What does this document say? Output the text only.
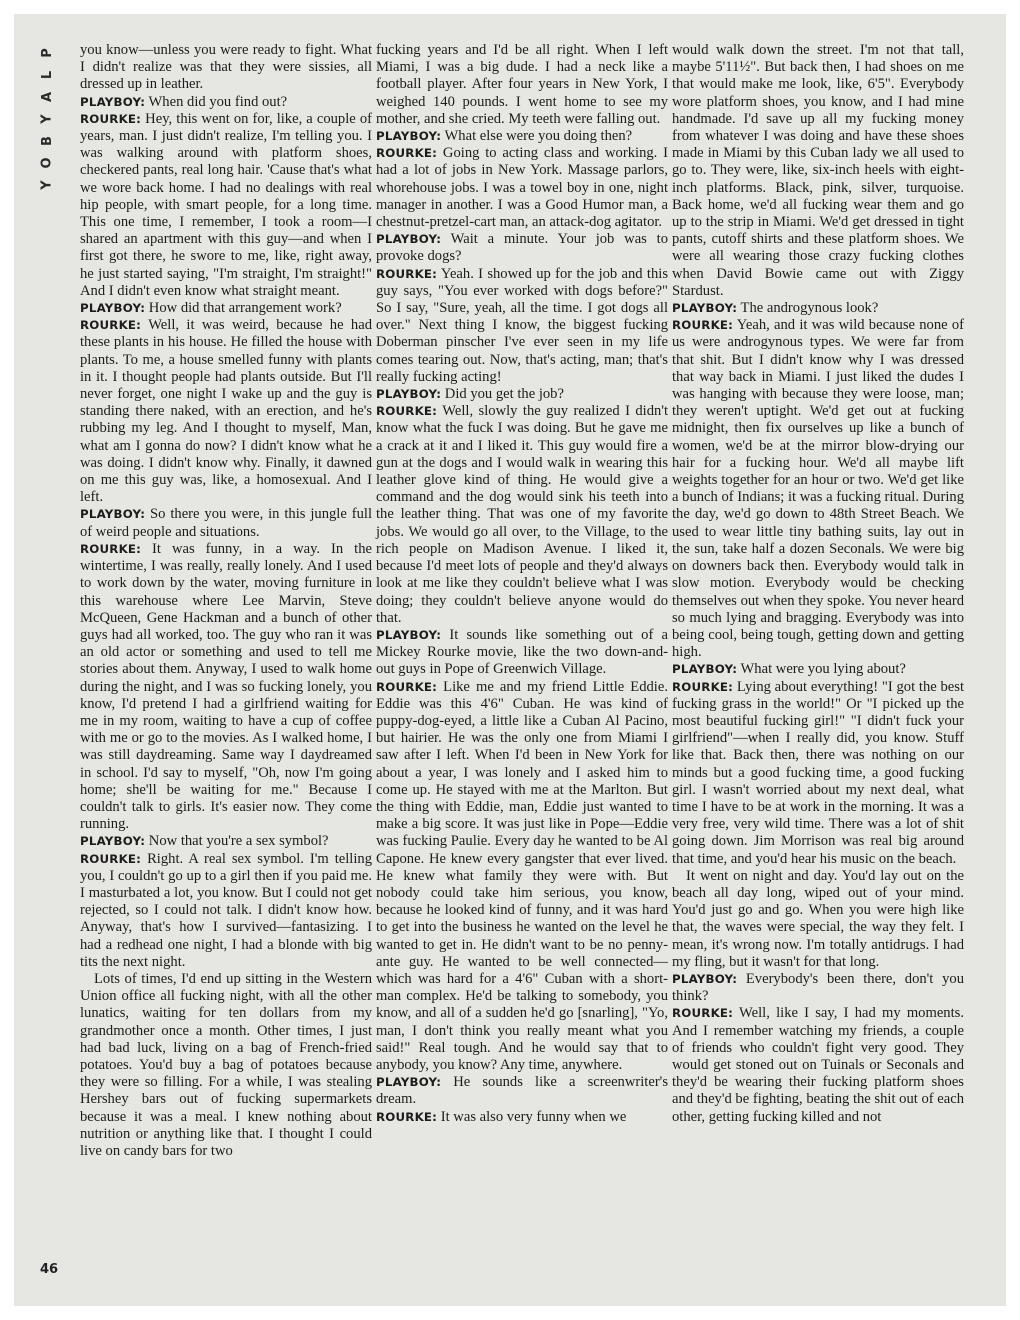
P
L
A
Y
B
O
Y

you know—unless you were ready to fight. What I didn't realize was that they were sissies, all dressed up in leather.

PLAYBOY: When did you find out?

ROURKE: Hey, this went on for, like, a couple of years, man. I just didn't realize, I'm telling you. I was walking around with platform shoes, checkered pants, real long hair. 'Cause that's what we wore back home. I had no dealings with real hip people, with smart people, for a long time. This one time, I remember, I took a room—I shared an apartment with this guy—and when I first got there, he swore to me, like, right away, he just started saying, "I'm straight, I'm straight!" And I didn't even know what straight meant.

PLAYBOY: How did that arrangement work?

ROURKE: Well, it was weird, because he had these plants in his house. He filled the house with plants. To me, a house smelled funny with plants in it. I thought people had plants outside. But I'll never forget, one night I wake up and the guy is standing there naked, with an erection, and he's rubbing my leg. And I thought to myself, Man, what am I gonna do now? I didn't know what he was doing. I didn't know why. Finally, it dawned on me this guy was, like, a homosexual. And I left.

PLAYBOY: So there you were, in this jungle full of weird people and situations.

ROURKE: It was funny, in a way. In the wintertime, I was really, really lonely. And I used to work down by the water, moving furniture in this warehouse where Lee Marvin, Steve McQueen, Gene Hackman and a bunch of other guys had all worked, too. The guy who ran it was an old actor or something and used to tell me stories about them. Anyway, I used to walk home during the night, and I was so fucking lonely, you know, I'd pretend I had a girlfriend waiting for me in my room, waiting to have a cup of coffee with me or go to the movies. As I walked home, I was still daydreaming. Same way I daydreamed in school. I'd say to myself, "Oh, now I'm going home; she'll be waiting for me." Because I couldn't talk to girls. It's easier now. They come running.

PLAYBOY: Now that you're a sex symbol?

ROURKE: Right. A real sex symbol. I'm telling you, I couldn't go up to a girl then if you paid me. I masturbated a lot, you know. But I could not get rejected, so I could not talk. I didn't know how. Anyway, that's how I survived—fantasizing. I had a redhead one night, I had a blonde with big tits the next night.

Lots of times, I'd end up sitting in the Western Union office all fucking night, with all the other lunatics, waiting for ten dollars from my grandmother once a month. Other times, I just had bad luck, living on a bag of French-fried potatoes. You'd buy a bag of potatoes because they were so filling. For a while, I was stealing Hershey bars out of fucking supermarkets because it was a meal. I knew nothing about nutrition or anything like that. I thought I could live on candy bars for two

fucking years and I'd be all right. When I left Miami, I was a big dude. I had a neck like a football player. After four years in New York, I weighed 140 pounds. I went home to see my mother, and she cried. My teeth were falling out.

PLAYBOY: What else were you doing then?

ROURKE: Going to acting class and working. I had a lot of jobs in New York. Massage parlors, whorehouse jobs. I was a towel boy in one, night manager in another. I was a Good Humor man, a chestnut-pretzel-cart man, an attack-dog agitator.

PLAYBOY: Wait a minute. Your job was to provoke dogs?

ROURKE: Yeah. I showed up for the job and this guy says, "You ever worked with dogs before?" So I say, "Sure, yeah, all the time. I got dogs all over." Next thing I know, the biggest fucking Doberman pinscher I've ever seen in my life comes tearing out. Now, that's acting, man; that's really fucking acting!

PLAYBOY: Did you get the job?

ROURKE: Well, slowly the guy realized I didn't know what the fuck I was doing. But he gave me a crack at it and I liked it. This guy would fire a gun at the dogs and I would walk in wearing this leather glove kind of thing. He would give a command and the dog would sink his teeth into the leather thing. That was one of my favorite jobs. We would go all over, to the Village, to the rich people on Madison Avenue. I liked it, because I'd meet lots of people and they'd always look at me like they couldn't believe what I was doing; they couldn't believe anyone would do that.

PLAYBOY: It sounds like something out of a Mickey Rourke movie, like the two down-and-out guys in Pope of Greenwich Village.

ROURKE: Like me and my friend Little Eddie. Eddie was this 4'6" Cuban. He was kind of puppy-dog-eyed, a little like a Cuban Al Pacino, but hairier. He was the only one from Miami I saw after I left. When I'd been in New York for about a year, I was lonely and I asked him to come up. He stayed with me at the Marlton. But the thing with Eddie, man, Eddie just wanted to make a big score. It was just like in Pope—Eddie was fucking Paulie. Every day he wanted to be Al Capone. He knew every gangster that ever lived. He knew what family they were with. But nobody could take him serious, you know, because he looked kind of funny, and it was hard to get into the business he wanted on the level he wanted to get in. He didn't want to be no penny-ante guy. He wanted to be well connected—which was hard for a 4'6" Cuban with a short-man complex. He'd be talking to somebody, you know, and all of a sudden he'd go [snarling], "Yo, man, I don't think you really meant what you said!" Real tough. And he would say that to anybody, you know? Any time, anywhere.

PLAYBOY: He sounds like a screenwriter's dream.

ROURKE: It was also very funny when we

would walk down the street. I'm not that tall, maybe 5'11½". But back then, I had shoes on me that would make me look, like, 6'5". Everybody wore platform shoes, you know, and I had mine handmade. I'd save up all my fucking money from whatever I was doing and have these shoes made in Miami by this Cuban lady we all used to go to. They were, like, six-inch heels with eight-inch platforms. Black, pink, silver, turquoise. Back home, we'd all fucking wear them and go up to the strip in Miami. We'd get dressed in tight pants, cutoff shirts and these platform shoes. We were all wearing those crazy fucking clothes when David Bowie came out with Ziggy Stardust.

PLAYBOY: The androgynous look?

ROURKE: Yeah, and it was wild because none of us were androgynous types. We were far from that shit. But I didn't know why I was dressed that way back in Miami. I just liked the dudes I was hanging with because they were loose, man; they weren't uptight. We'd get out at fucking midnight, then fix ourselves up like a bunch of women, we'd be at the mirror blow-drying our hair for a fucking hour. We'd all maybe lift weights together for an hour or two. We'd get like a bunch of Indians; it was a fucking ritual. During the day, we'd go down to 48th Street Beach. We used to wear little tiny bathing suits, lay out in the sun, take half a dozen Seconals. We were big on downers back then. Everybody would talk in slow motion. Everybody would be checking themselves out when they spoke. You never heard so much lying and bragging. Everybody was into being cool, being tough, getting down and getting high.

PLAYBOY: What were you lying about?

ROURKE: Lying about everything! "I got the best fucking grass in the world!" Or "I picked up the most beautiful fucking girl!" "I didn't fuck your girlfriend"—when I really did, you know. Stuff like that. Back then, there was nothing on our minds but a good fucking time, a good fucking girl. I wasn't worried about my next deal, what time I have to be at work in the morning. It was a very free, very wild time. There was a lot of shit going down. Jim Morrison was real big around that time, and you'd hear his music on the beach.

It went on night and day. You'd lay out on the beach all day long, wiped out of your mind. You'd just go and go. When you were high like that, the waves were special, the way they felt. I mean, it's wrong now. I'm totally antidrugs. I had my fling, but it wasn't for that long.

PLAYBOY: Everybody's been there, don't you think?

ROURKE: Well, like I say, I had my moments. And I remember watching my friends, a couple of friends who couldn't fight very good. They would get stoned out on Tuinals or Seconals and they'd be wearing their fucking platform shoes and they'd be fighting, beating the shit out of each other, getting fucking killed and not

46
